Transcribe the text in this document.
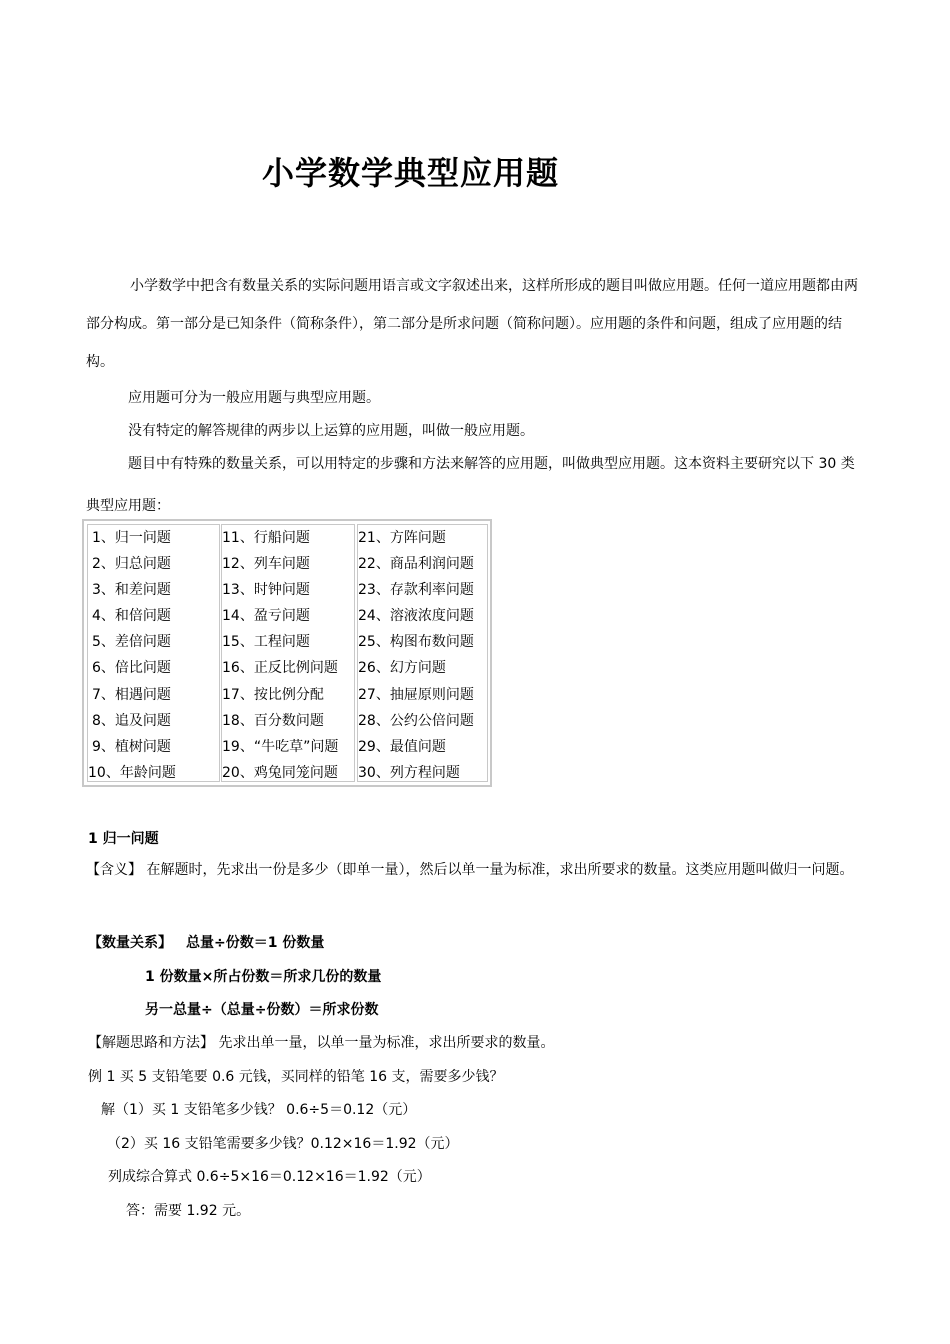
小学数学典型应用题
小学数学中把含有数量关系的实际问题用语言或文字叙述出来，这样所形成的题目叫做应用题。任何一道应用题都由两部分构成。第一部分是已知条件（简称条件），第二部分是所求问题（简称问题）。应用题的条件和问题，组成了应用题的结构。
应用题可分为一般应用题与典型应用题。
没有特定的解答规律的两步以上运算的应用题，叫做一般应用题。
题目中有特殊的数量关系，可以用特定的步骤和方法来解答的应用题，叫做典型应用题。这本资料主要研究以下 30 类典型应用题：
1、归一问题
2、归总问题
3、和差问题
4、和倍问题
5、差倍问题
6、倍比问题
7、相遇问题
8、追及问题
9、植树问题
10、年龄问题
11、行船问题
12、列车问题
13、时钟问题
14、盈亏问题
15、工程问题
16、正反比例问题
17、按比例分配
18、百分数问题
19、“牛吃草”问题
20、鸡兔同笼问题
21、方阵问题
22、商品利润问题
23、存款利率问题
24、溶液浓度问题
25、构图布数问题
26、幻方问题
27、抽屉原则问题
28、公约公倍问题
29、最值问题
30、列方程问题
1 归一问题
【含义】 在解题时，先求出一份是多少（即单一量），然后以单一量为标准，求出所要求的数量。这类应用题叫做归一问题。
【数量关系】 总量÷份数＝1 份数量
1 份数量×所占份数＝所求几份的数量
另一总量÷（总量÷份数）＝所求份数
【解题思路和方法】 先求出单一量，以单一量为标准，求出所要求的数量。
例 1 买 5 支铅笔要 0.6 元钱，买同样的铅笔 16 支，需要多少钱？
解（1）买 1 支铅笔多少钱？ 0.6÷5＝0.12（元）
（2）买 16 支铅笔需要多少钱？0.12×16＝1.92（元）
列成综合算式 0.6÷5×16＝0.12×16＝1.92（元）
答：需要 1.92 元。
